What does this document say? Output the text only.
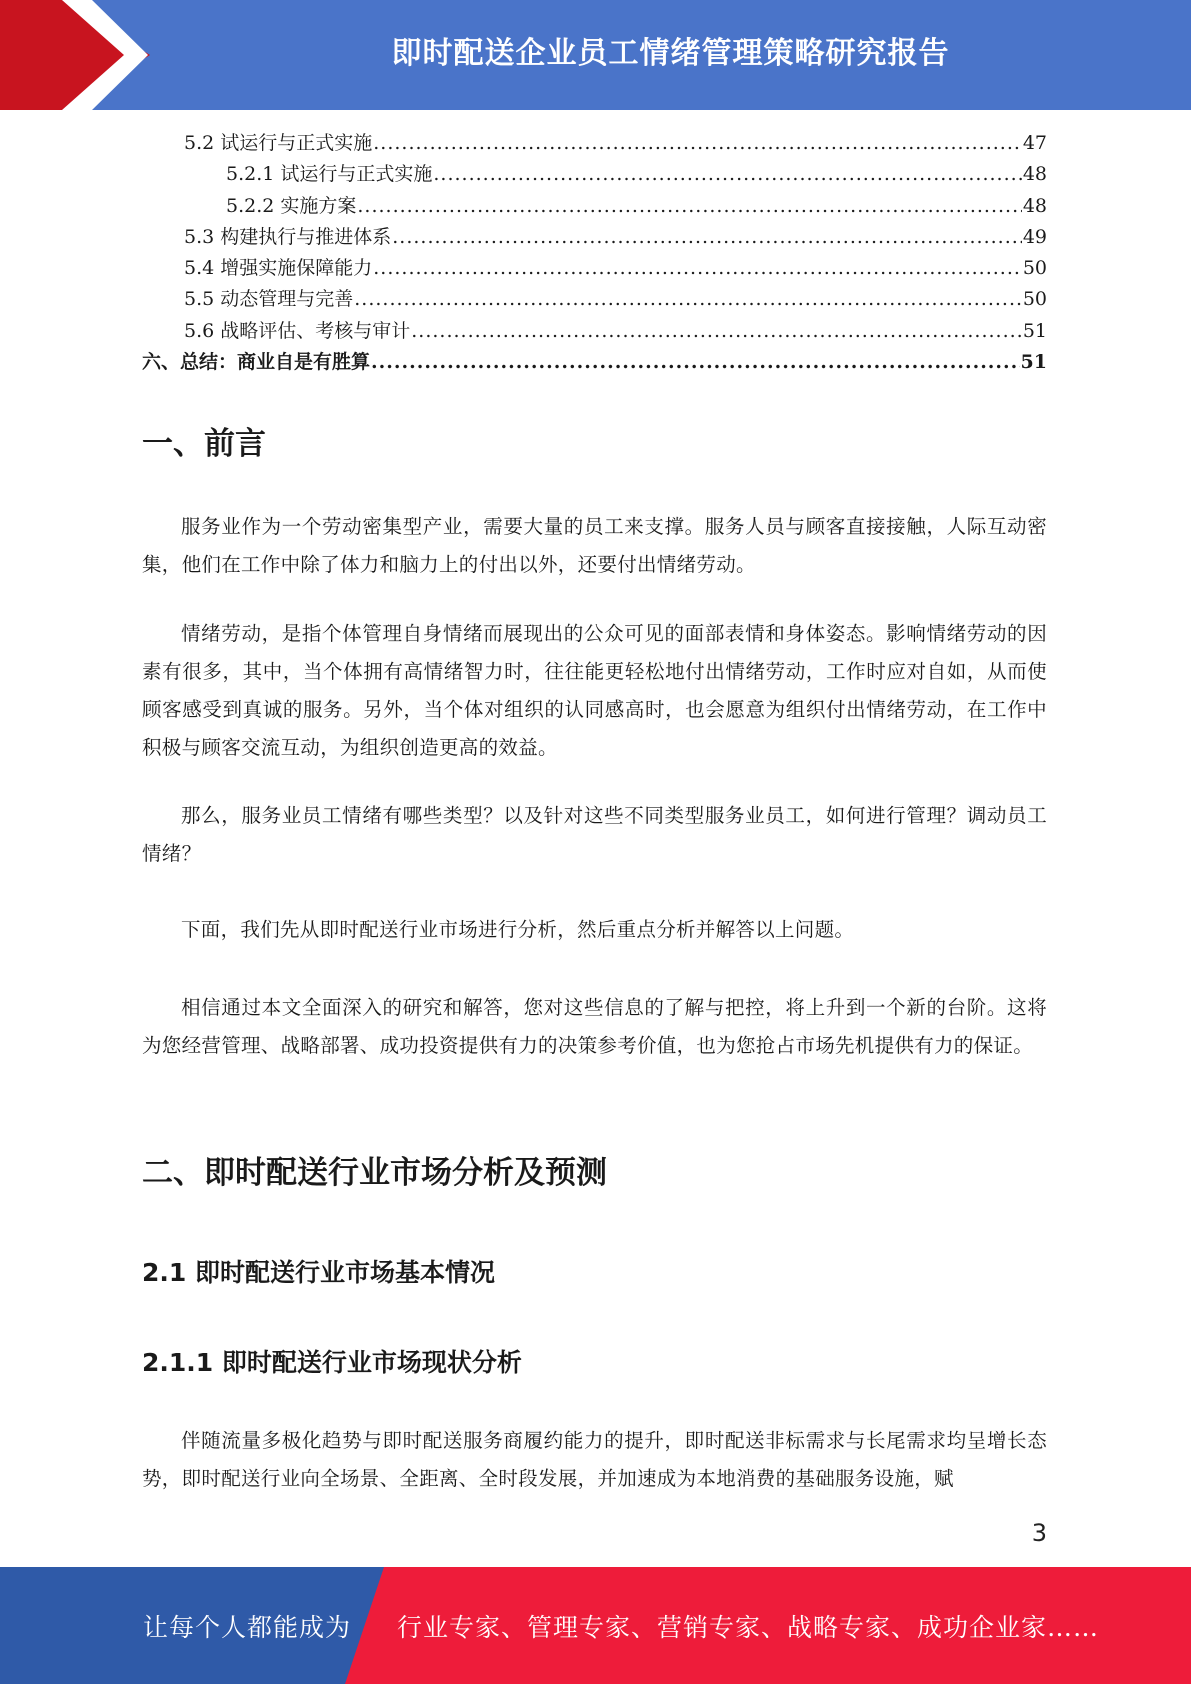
即时配送企业员工情绪管理策略研究报告
5.2 试运行与正式实施 .....	47
5.2.1 试运行与正式实施 .....	48
5.2.2 实施方案 .....	48
5.3 构建执行与推进体系 .....	49
5.4 增强实施保障能力 .....	50
5.5 动态管理与完善 .....	50
5.6 战略评估、考核与审计 .....	51
六、总结：商业自是有胜算 .....	51
一、前言

服务业作为一个劳动密集型产业，需要大量的员工来支撑。服务人员与顾客直接接触，人际互动密集，他们在工作中除了体力和脑力上的付出以外，还要付出情绪劳动。

情绪劳动，是指个体管理自身情绪而展现出的公众可见的面部表情和身体姿态。影响情绪劳动的因素有很多，其中，当个体拥有高情绪智力时，往往能更轻松地付出情绪劳动，工作时应对自如，从而使顾客感受到真诚的服务。另外，当个体对组织的认同感高时，也会愿意为组织付出情绪劳动，在工作中积极与顾客交流互动，为组织创造更高的效益。

那么，服务业员工情绪有哪些类型？以及针对这些不同类型服务业员工，如何进行管理？调动员工情绪？

下面，我们先从即时配送行业市场进行分析，然后重点分析并解答以上问题。

相信通过本文全面深入的研究和解答，您对这些信息的了解与把控，将上升到一个新的台阶。这将为您经营管理、战略部署、成功投资提供有力的决策参考价值，也为您抢占市场先机提供有力的保证。

二、即时配送行业市场分析及预测
2.1 即时配送行业市场基本情况
2.1.1 即时配送行业市场现状分析

伴随流量多极化趋势与即时配送服务商履约能力的提升，即时配送非标需求与长尾需求均呈增长态势，即时配送行业向全场景、全距离、全时段发展，并加速成为本地消费的基础服务设施，赋

3
让每个人都能成为 行业专家、管理专家、营销专家、战略专家、成功企业家……
